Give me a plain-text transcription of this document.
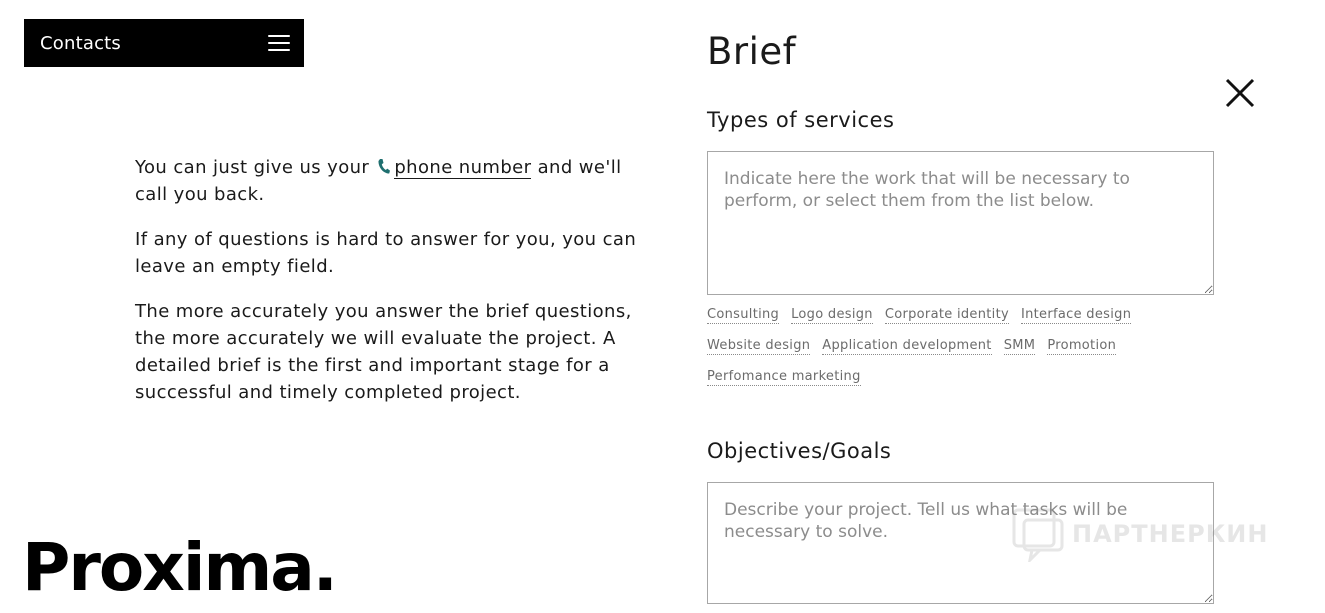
Contacts

You can just give us your phone number and we'll call you back.

If any of questions is hard to answer for you, you can leave an empty field.

The more accurately you answer the brief questions, the more accurately we will evaluate the project. A detailed brief is the first and important stage for a successful and timely completed project.

Proxima.
Brief
Types of services
Indicate here the work that will be necessary to perform, or select them from the list below.
Consulting Logo design Corporate identity Interface design
Website design Application development SMM Promotion
Perfomance marketing
Objectives/Goals
Describe your project. Tell us what tasks will be necessary to solve.
ПАРТНЕРКИН
